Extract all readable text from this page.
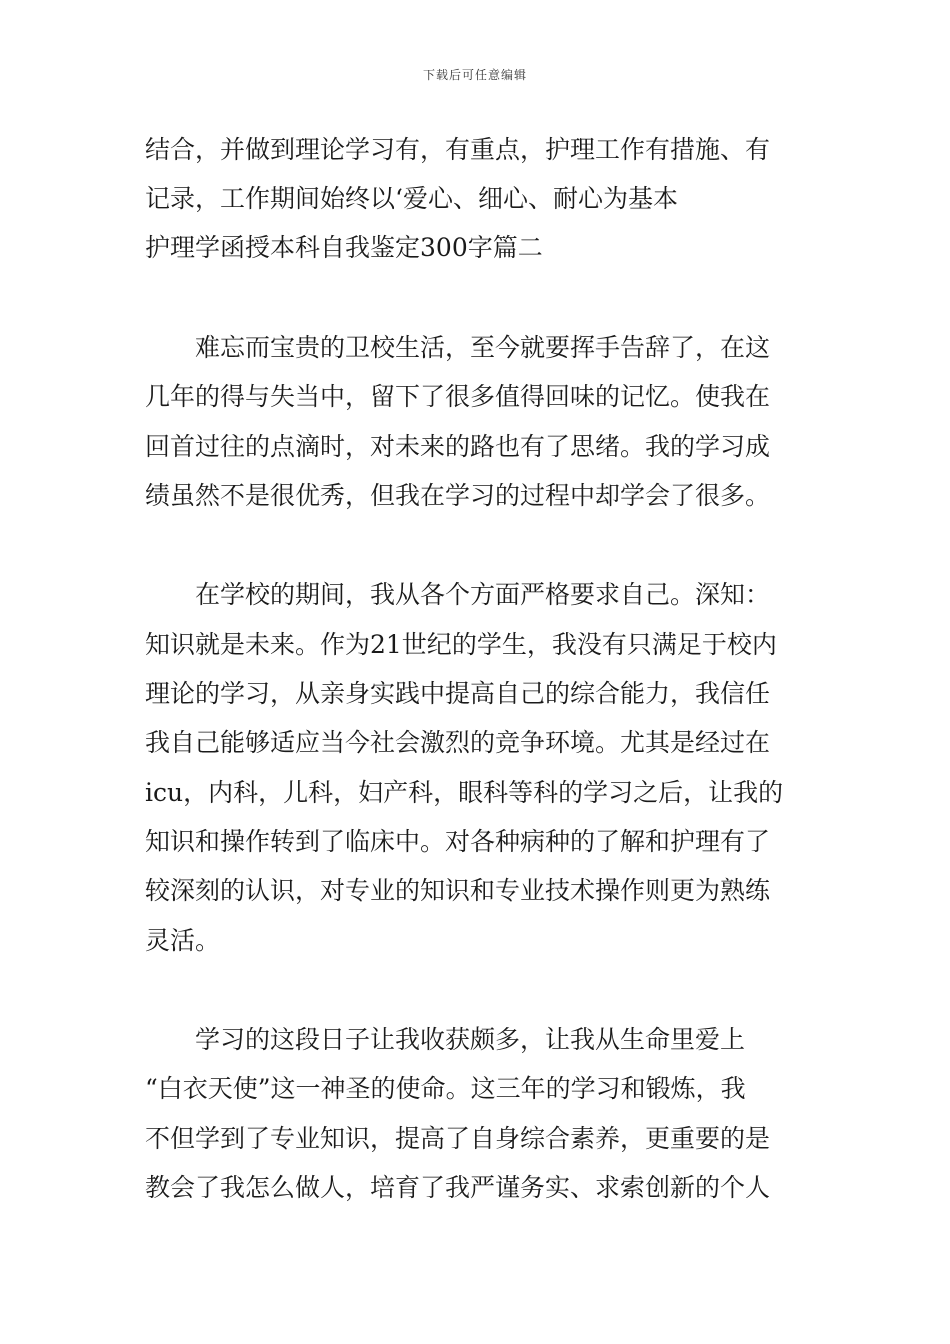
下载后可任意编辑
结合，并做到理论学习有，有重点，护理工作有措施、有
记录，工作期间始终以‘爱心、细心、耐心为基本
护理学函授本科自我鉴定300字篇二
　　难忘而宝贵的卫校生活，至今就要挥手告辞了，在这
几年的得与失当中，留下了很多值得回味的记忆。使我在
回首过往的点滴时，对未来的路也有了思绪。我的学习成
绩虽然不是很优秀，但我在学习的过程中却学会了很多。
　　在学校的期间，我从各个方面严格要求自己。深知：
知识就是未来。作为21世纪的学生，我没有只满足于校内
理论的学习，从亲身实践中提高自己的综合能力，我信任
我自己能够适应当今社会激烈的竞争环境。尤其是经过在
icu，内科，儿科，妇产科，眼科等科的学习之后，让我的
知识和操作转到了临床中。对各种病种的了解和护理有了
较深刻的认识，对专业的知识和专业技术操作则更为熟练
灵活。
　　学习的这段日子让我收获颇多，让我从生命里爱上
“白衣天使”这一神圣的使命。这三年的学习和锻炼，我
不但学到了专业知识，提高了自身综合素养，更重要的是
教会了我怎么做人，培育了我严谨务实、求索创新的个人
